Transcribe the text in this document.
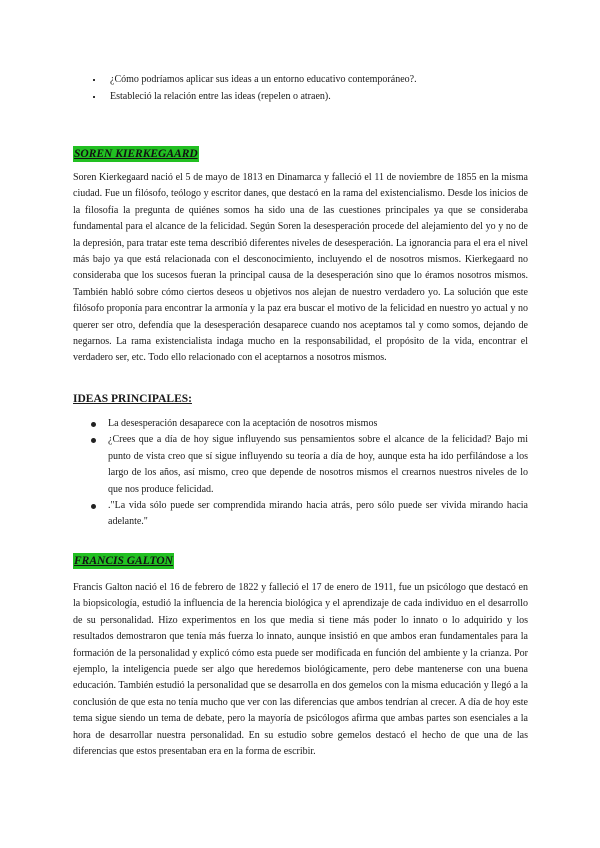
¿Cómo podríamos aplicar sus ideas a un entorno educativo contemporáneo?.
Estableció la relación entre las ideas (repelen o atraen).
SOREN KIERKEGAARD

Soren Kierkegaard nació el 5 de mayo de 1813 en Dinamarca y falleció el 11 de noviembre de 1855 en la misma ciudad. Fue un filósofo, teólogo y escritor danes, que destacó en la rama del existencialismo. Desde los inicios de la filosofía la pregunta de quiénes somos ha sido una de las cuestiones principales ya que se consideraba fundamental para el alcance de la felicidad. Según Soren la desesperación procede del alejamiento del yo y no de la depresión, para tratar este tema describió diferentes niveles de desesperación. La ignorancia para el era el nivel más bajo ya que está relacionada con el desconocimiento, incluyendo el de nosotros mismos. Kierkegaard no consideraba que los sucesos fueran la principal causa de la desesperación sino que lo éramos nosotros mismos. También habló sobre cómo ciertos deseos u objetivos nos alejan de nuestro verdadero yo. La solución que este filósofo proponía para encontrar la armonía y la paz era buscar el motivo de la felicidad en nuestro yo actual y no querer ser otro, defendía que la desesperación desaparece cuando nos aceptamos tal y como somos, dejando de negarnos. La rama existencialista indaga mucho en la responsabilidad, el propósito de la vida, encontrar el verdadero ser, etc. Todo ello relacionado con el aceptarnos a nosotros mismos.

IDEAS PRINCIPALES:
La desesperación desaparece con la aceptación de nosotros mismos
¿Crees que a día de hoy sigue influyendo sus pensamientos sobre el alcance de la felicidad? Bajo mi punto de vista creo que sí sigue influyendo su teoría a día de hoy, aunque esta ha ido perfilándose a los largo de los años, así mismo, creo que depende de nosotros mismos el crearnos nuestros niveles de lo que nos produce felicidad.
."La vida sólo puede ser comprendida mirando hacia atrás, pero sólo puede ser vivida mirando hacia adelante."
FRANCIS GALTON

Francis Galton nació el 16 de febrero de 1822 y falleció el 17 de enero de 1911, fue un psicólogo que destacó en la biopsicología, estudió la influencia de la herencia biológica y el aprendizaje de cada individuo en el desarrollo de su personalidad. Hizo experimentos en los que media si tiene más poder lo innato o lo adquirido y los resultados demostraron que tenía más fuerza lo innato, aunque insistió en que ambos eran fundamentales para la formación de la personalidad y explicó cómo esta puede ser modificada en función del ambiente y la crianza. Por ejemplo, la inteligencia puede ser algo que heredemos biológicamente, pero debe mantenerse con una buena educación. También estudió la personalidad que se desarrolla en dos gemelos con la misma educación y llegó a la conclusión de que esta no tenía mucho que ver con las diferencias que ambos tendrían al crecer. A día de hoy este tema sigue siendo un tema de debate, pero la mayoría de psicólogos afirma que ambas partes son esenciales a la hora de desarrollar nuestra personalidad. En su estudio sobre gemelos destacó el hecho de que una de las diferencias que estos presentaban era en la forma de escribir.
